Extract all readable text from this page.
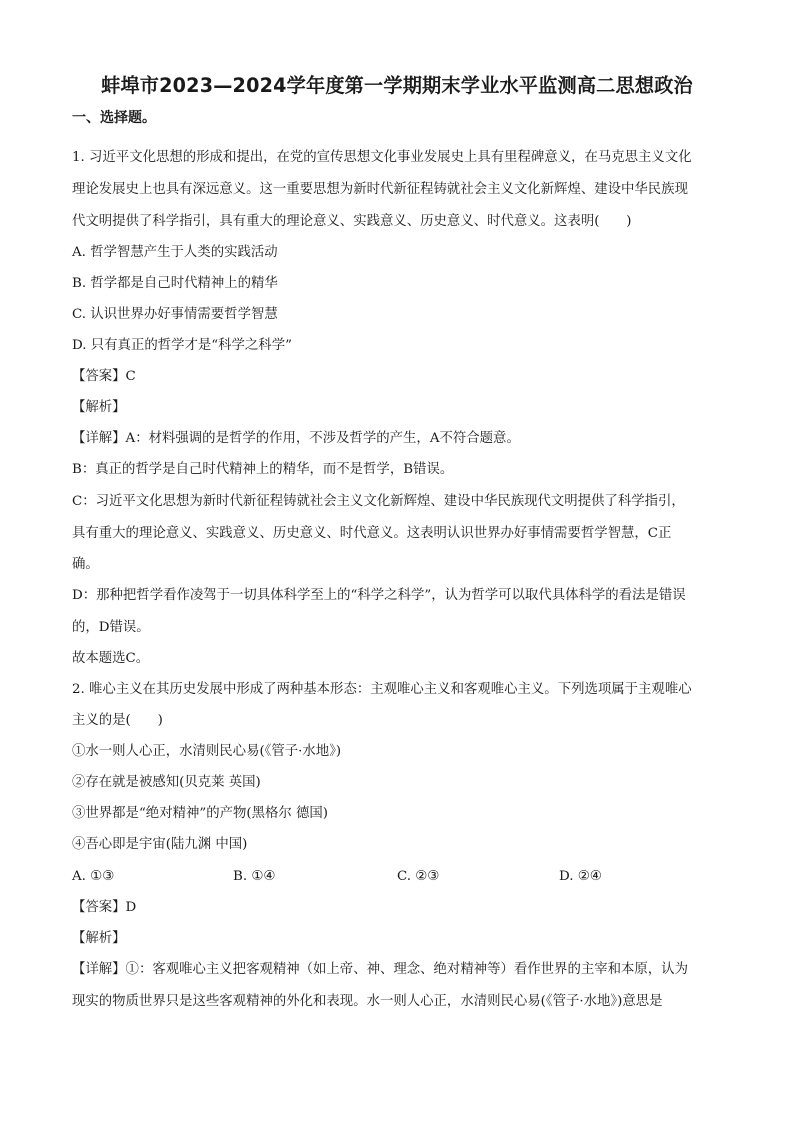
蚌埠市2023—2024学年度第一学期期末学业水平监测高二思想政治
一、选择题。
1. 习近平文化思想的形成和提出，在党的宣传思想文化事业发展史上具有里程碑意义，在马克思主义文化
理论发展史上也具有深远意义。这一重要思想为新时代新征程铸就社会主义文化新辉煌、建设中华民族现
代文明提供了科学指引，具有重大的理论意义、实践意义、历史意义、时代意义。这表明(　　)
A. 哲学智慧产生于人类的实践活动
B. 哲学都是自己时代精神上的精华
C. 认识世界办好事情需要哲学智慧
D. 只有真正的哲学才是“科学之科学”
【答案】C
【解析】
【详解】A：材料强调的是哲学的作用，不涉及哲学的产生，A不符合题意。
B：真正的哲学是自己时代精神上的精华，而不是哲学，B错误。
C：习近平文化思想为新时代新征程铸就社会主义文化新辉煌、建设中华民族现代文明提供了科学指引，
具有重大的理论意义、实践意义、历史意义、时代意义。这表明认识世界办好事情需要哲学智慧，C正
确。
D：那种把哲学看作凌驾于一切具体科学至上的“科学之科学”，认为哲学可以取代具体科学的看法是错误
的，D错误。
故本题选C。
2. 唯心主义在其历史发展中形成了两种基本形态：主观唯心主义和客观唯心主义。下列选项属于主观唯心
主义的是(　　)
①水一则人心正，水清则民心易(《管子·水地》)
②存在就是被感知(贝克莱 英国)
③世界都是“绝对精神”的产物(黑格尔 德国)
④吾心即是宇宙(陆九渊 中国)
A. ①③	B. ①④	C. ②③	D. ②④
【答案】D
【解析】
【详解】①：客观唯心主义把客观精神（如上帝、神、理念、绝对精神等）看作世界的主宰和本原，认为
现实的物质世界只是这些客观精神的外化和表现。水一则人心正，水清则民心易(《管子·水地》)意思是
